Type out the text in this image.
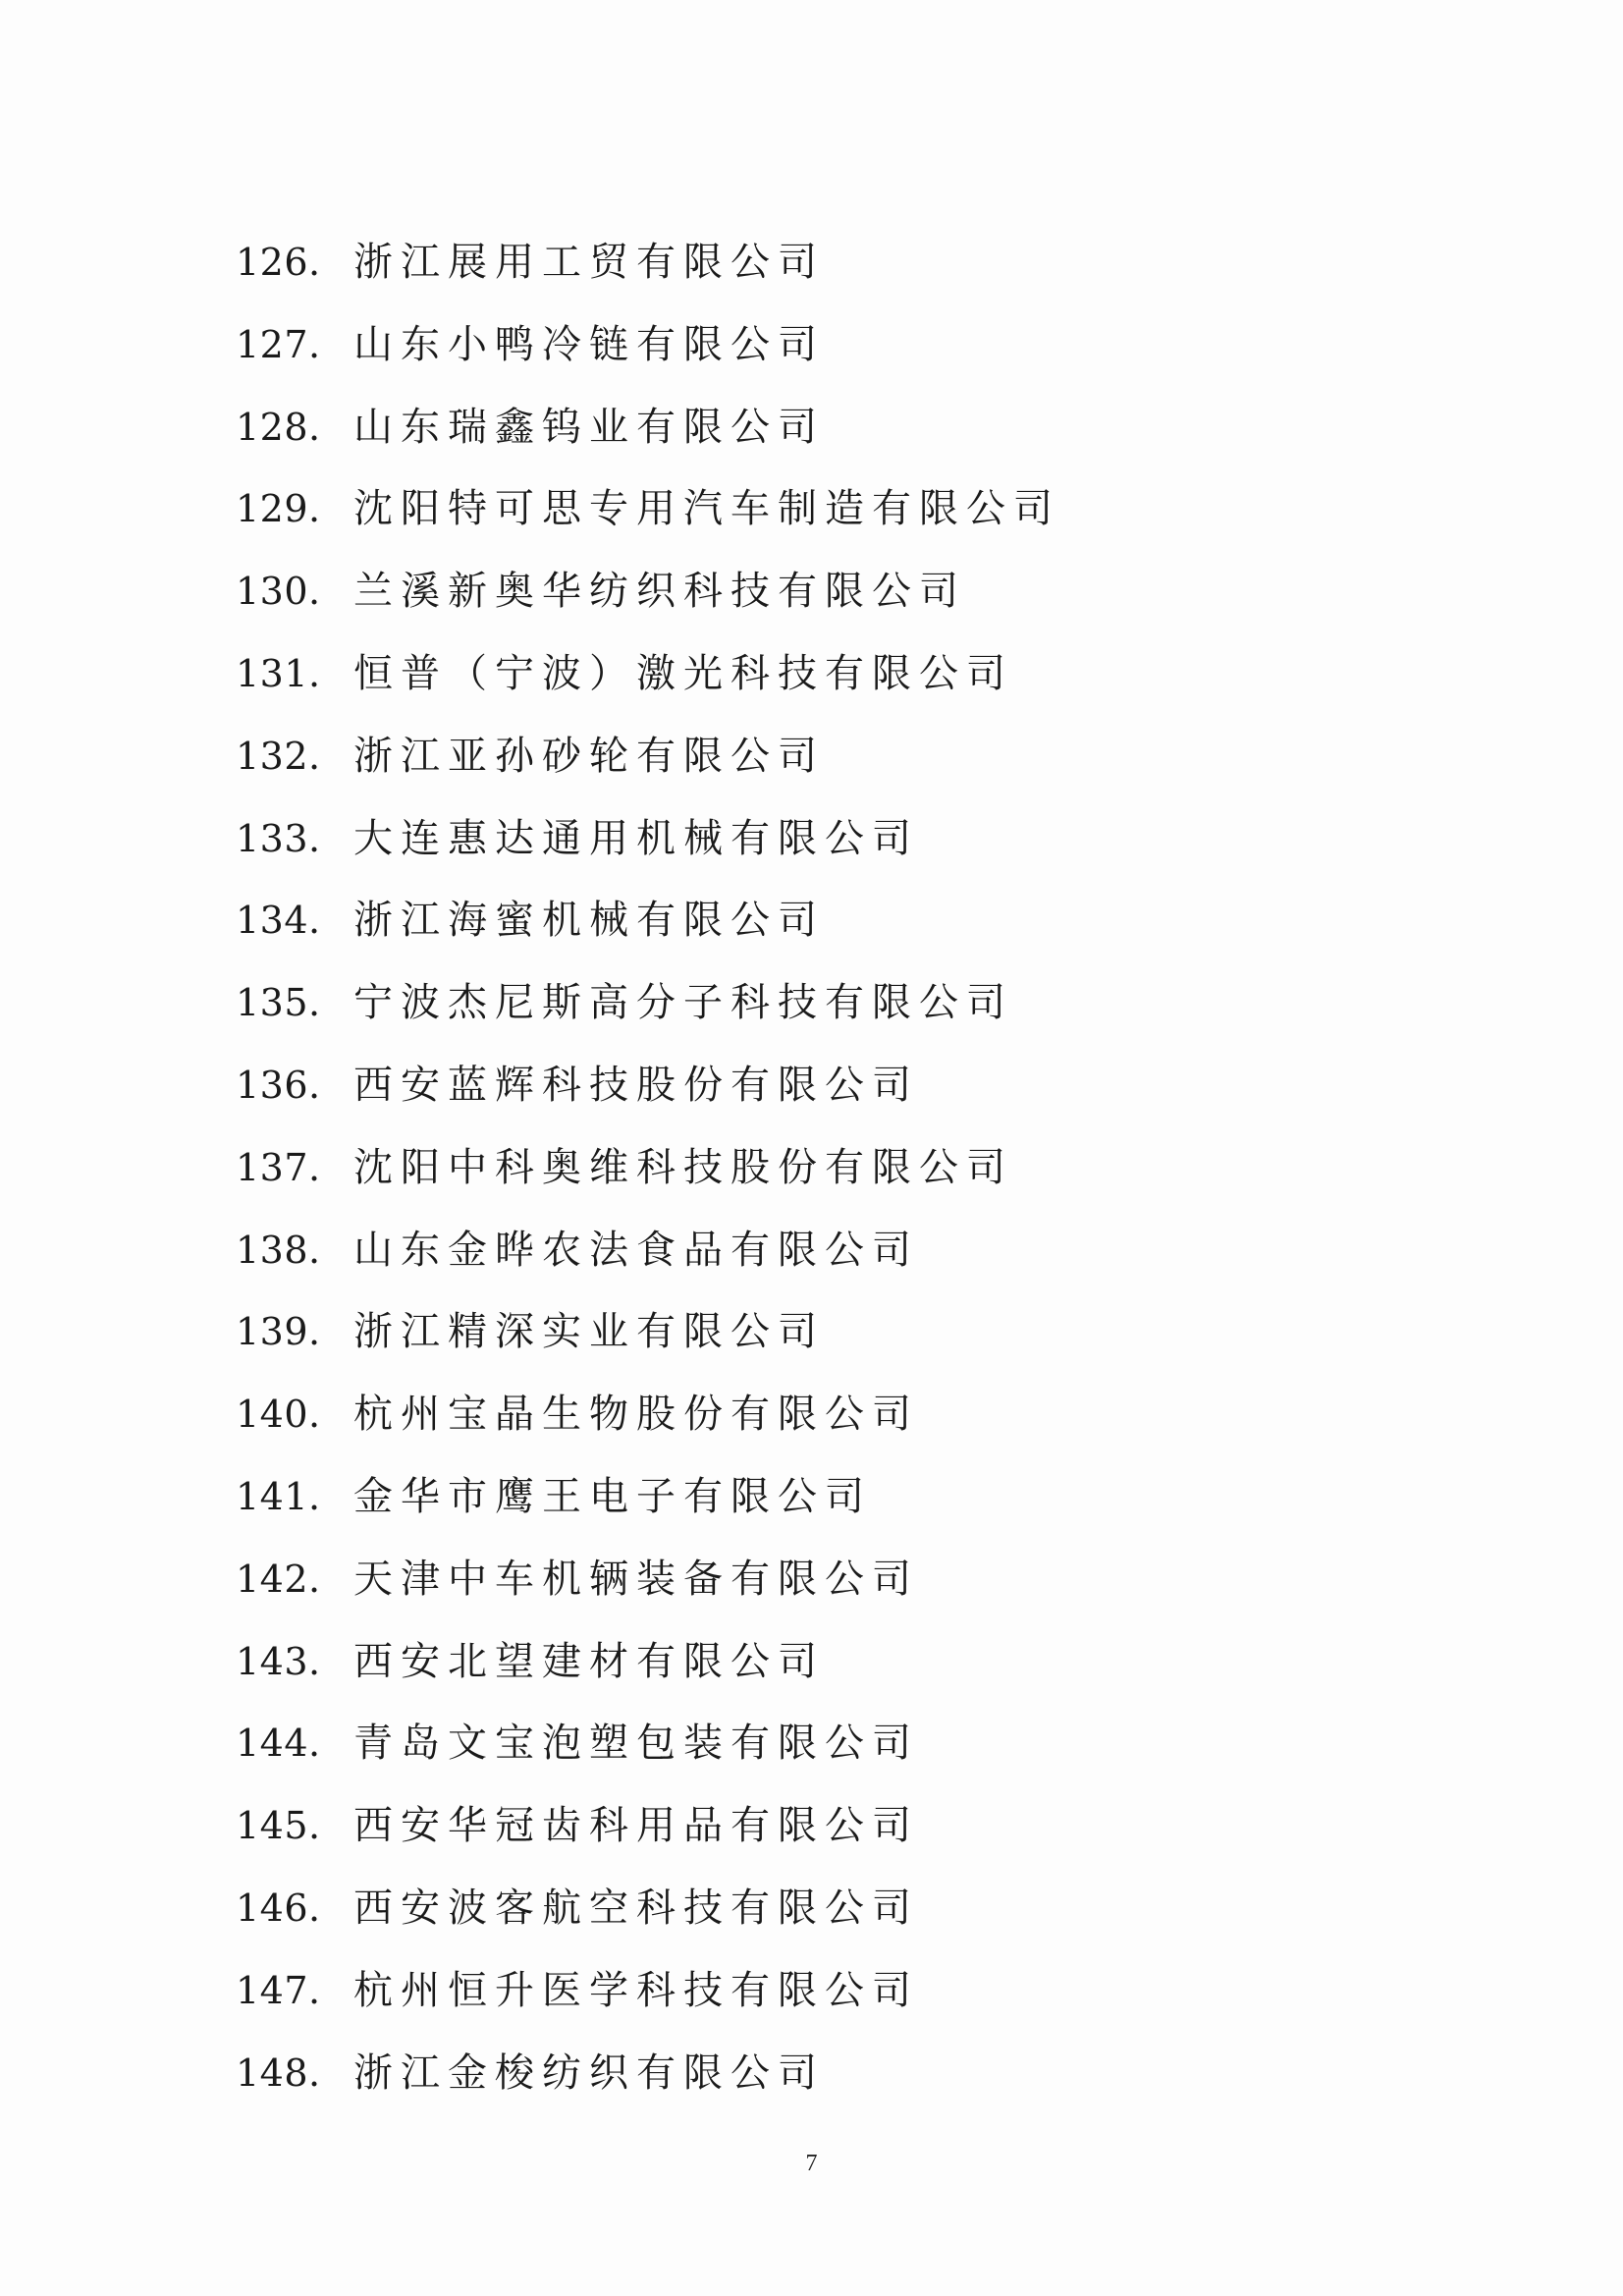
126. 浙江展用工贸有限公司
127. 山东小鸭冷链有限公司
128. 山东瑞鑫钨业有限公司
129. 沈阳特可思专用汽车制造有限公司
130. 兰溪新奥华纺织科技有限公司
131. 恒普（宁波）激光科技有限公司
132. 浙江亚孙砂轮有限公司
133. 大连惠达通用机械有限公司
134. 浙江海蜜机械有限公司
135. 宁波杰尼斯高分子科技有限公司
136. 西安蓝辉科技股份有限公司
137. 沈阳中科奥维科技股份有限公司
138. 山东金晔农法食品有限公司
139. 浙江精深实业有限公司
140. 杭州宝晶生物股份有限公司
141. 金华市鹰王电子有限公司
142. 天津中车机辆装备有限公司
143. 西安北望建材有限公司
144. 青岛文宝泡塑包装有限公司
145. 西安华冠齿科用品有限公司
146. 西安波客航空科技有限公司
147. 杭州恒升医学科技有限公司
148. 浙江金梭纺织有限公司
7
